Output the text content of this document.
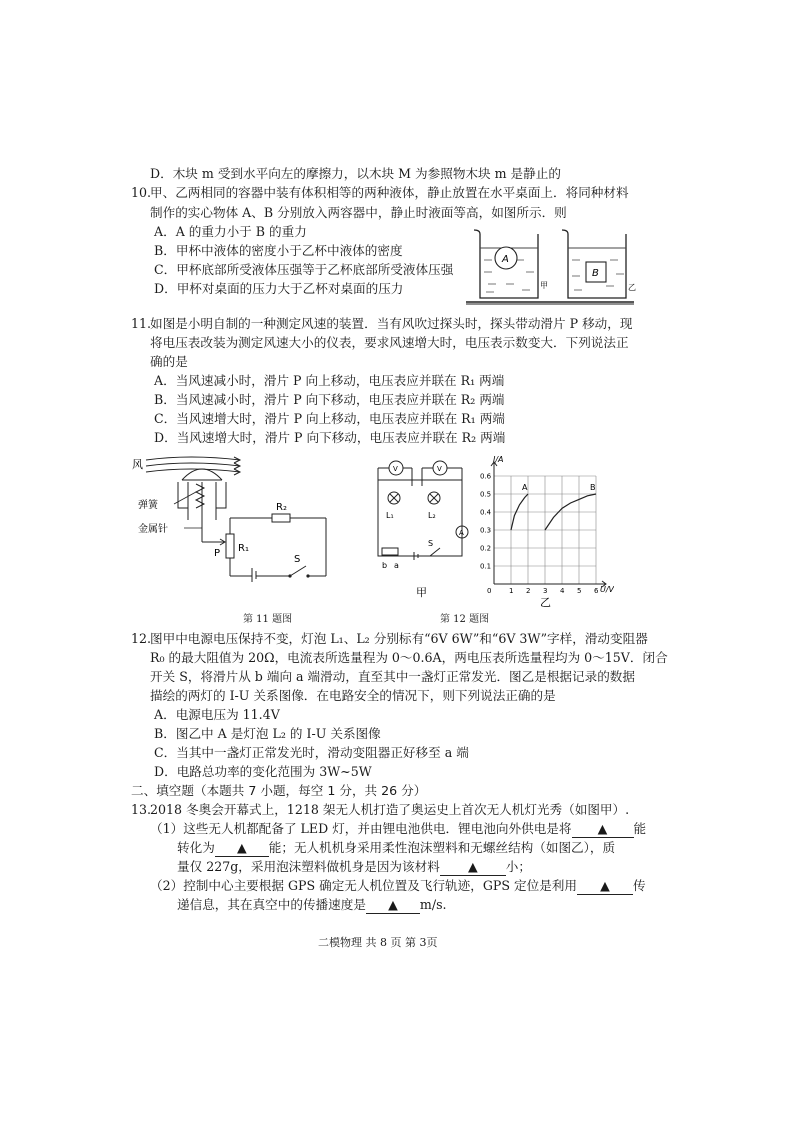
D．木块 m 受到水平向左的摩擦力，以木块 M 为参照物木块 m 是静止的
10.
甲、乙两相同的容器中装有体积相等的两种液体，静止放置在水平桌面上．将同种材料
制作的实心物体 A、B 分别放入两容器中，静止时液面等高，如图所示．则
A．A 的重力小于 B 的重力
B．甲杯中液体的密度小于乙杯中液体的密度
C．甲杯底部所受液体压强等于乙杯底部所受液体压强
D．甲杯对桌面的压力大于乙杯对桌面的压力
A
甲
B
乙
11.
如图是小明自制的一种测定风速的装置．当有风吹过探头时，探头带动滑片 P 移动，现
将电压表改装为测定风速大小的仪表，要求风速增大时，电压表示数变大．下列说法正
确的是
A．当风速减小时，滑片 P 向上移动，电压表应并联在 R₁ 两端
B．当风速减小时，滑片 P 向下移动，电压表应并联在 R₂ 两端
C．当风速增大时，滑片 P 向上移动，电压表应并联在 R₁ 两端
D．当风速增大时，滑片 P 向下移动，电压表应并联在 R₂ 两端
风
弹簧
金属针
P R₁
R₂
S
第 11 题图
V	V
A
L₁	L₂
b a
S
甲	0	1 2 3 4 5 6
0.1
0.2
0.3
0.4
0.5
0.6
A	B
I/A
U/V
乙
第 12 题图
12.
图甲中电源电压保持不变，灯泡 L₁、L₂ 分别标有“6V 6W”和“6V 3W”字样，滑动变阻器
R₀ 的最大阻值为 20Ω，电流表所选量程为 0～0.6A，两电压表所选量程均为 0～15V．闭合
开关 S，将滑片从 b 端向 a 端滑动，直至其中一盏灯正常发光．图乙是根据记录的数据
描绘的两灯的 I-U 关系图像．在电路安全的情况下，则下列说法正确的是
A．电源电压为 11.4V
B．图乙中 A 是灯泡 L₂ 的 I-U 关系图像
C．当其中一盏灯正常发光时，滑动变阻器正好移至 a 端
D．电路总功率的变化范围为 3W~5W
二、填空题（本题共 7 小题，每空 1 分，共 26 分）
13.
2018 冬奥会开幕式上，1218 架无人机打造了奥运史上首次无人机灯光秀（如图甲）.
（1）这些无人机都配备了 LED 灯，并由锂电池供电．锂电池向外供电是将 ▲ 能
转化为 ▲ 能；无人机机身采用柔性泡沫塑料和无螺丝结构（如图乙），质
量仅 227g，采用泡沫塑料做机身是因为该材料 ▲ 小；
（2）控制中心主要根据 GPS 确定无人机位置及飞行轨迹，GPS 定位是利用 ▲ 传
递信息，其在真空中的传播速度是 ▲ m/s.
二模物理 共 8 页 第 3页
